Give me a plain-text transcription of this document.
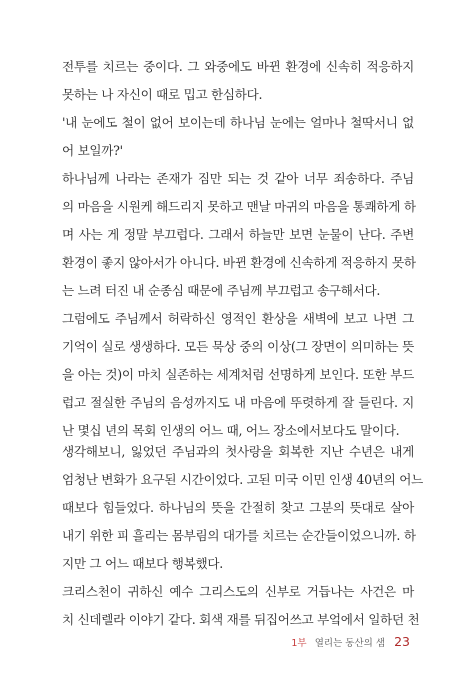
전투를 치르는 중이다. 그 와중에도 바뀐 환경에 신속히 적응하지
못하는 나 자신이 때로 밉고 한심하다.
'내 눈에도 철이 없어 보이는데 하나님 눈에는 얼마나 철딱서니 없
어 보일까?'
하나님께 나라는 존재가 짐만 되는 것 같아 너무 죄송하다. 주님
의 마음을 시원케 해드리지 못하고 맨날 마귀의 마음을 통쾌하게 하
며 사는 게 정말 부끄럽다. 그래서 하늘만 보면 눈물이 난다. 주변
환경이 좋지 않아서가 아니다. 바뀐 환경에 신속하게 적응하지 못하
는 느려 터진 내 순종심 때문에 주님께 부끄럽고 송구해서다.
그럼에도 주님께서 허락하신 영적인 환상을 새벽에 보고 나면 그
기억이 실로 생생하다. 모든 묵상 중의 이상(그 장면이 의미하는 뜻
을 아는 것)이 마치 실존하는 세계처럼 선명하게 보인다. 또한 부드
럽고 절실한 주님의 음성까지도 내 마음에 뚜렷하게 잘 들린다. 지
난 몇십 년의 목회 인생의 어느 때, 어느 장소에서보다도 말이다.
생각해보니, 잃었던 주님과의 첫사랑을 회복한 지난 수년은 내게
엄청난 변화가 요구된 시간이었다. 고된 미국 이민 인생 40년의 어느
때보다 힘들었다. 하나님의 뜻을 간절히 찾고 그분의 뜻대로 살아
내기 위한 피 흘리는 몸부림의 대가를 치르는 순간들이었으니까. 하
지만 그 어느 때보다 행복했다.
크리스천이 귀하신 예수 그리스도의 신부로 거듭나는 사건은 마
치 신데렐라 이야기 같다. 회색 재를 뒤집어쓰고 부엌에서 일하던 천
1부 열리는 동산의 샘 23
